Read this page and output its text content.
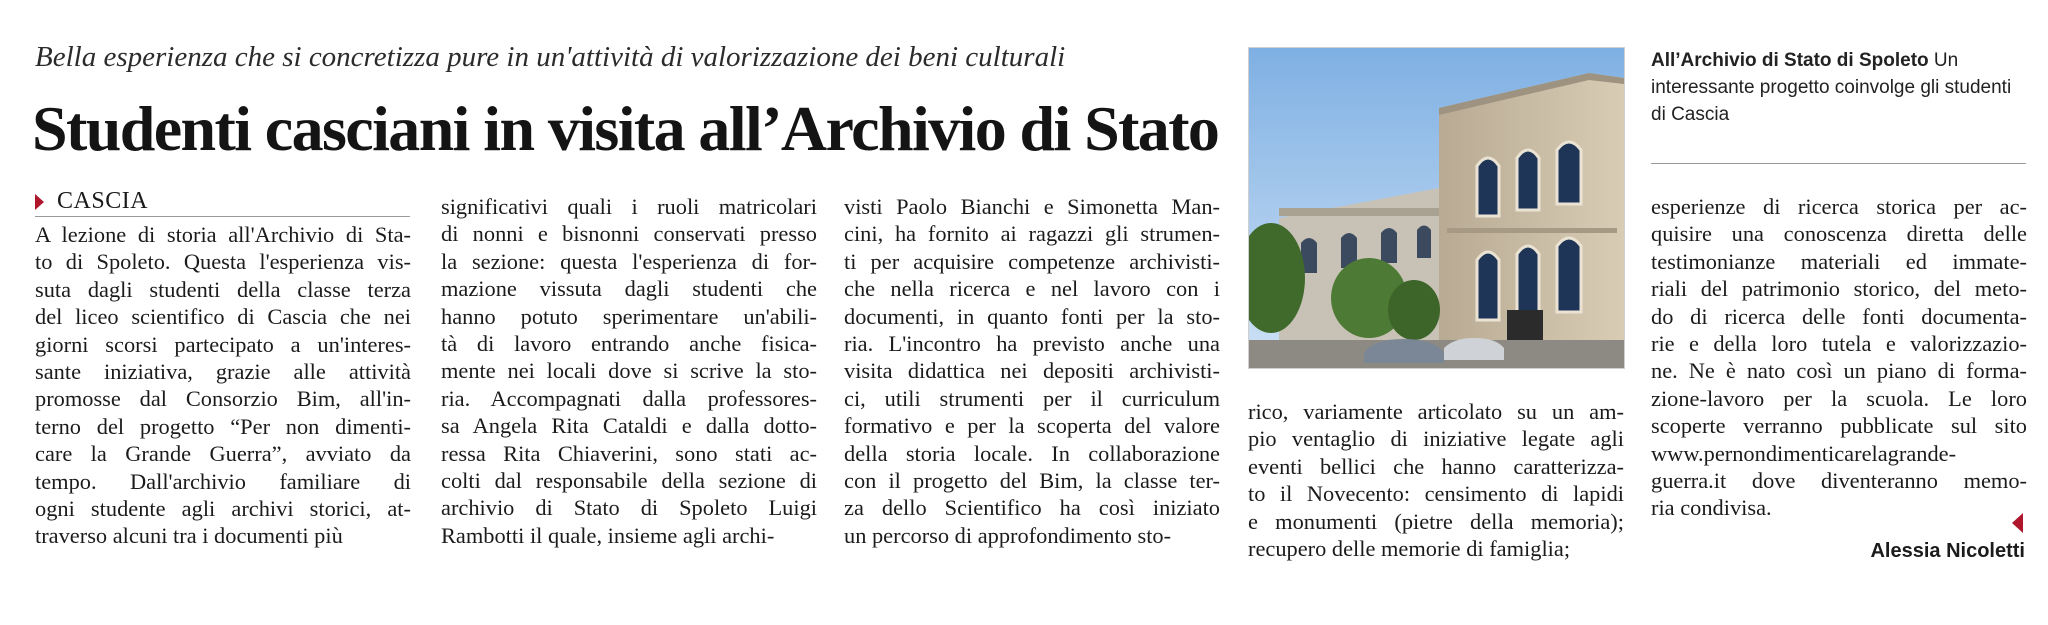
Bella esperienza che si concretizza pure in un'attività di valorizzazione dei beni culturali
Studenti casciani in visita all’Archivio di Stato
CASCIA
A lezione di storia all'Archivio di Sta-
to di Spoleto. Questa l'esperienza vis-
suta dagli studenti della classe terza
del liceo scientifico di Cascia che nei
giorni scorsi partecipato a un'interes-
sante iniziativa, grazie alle attività
promosse dal Consorzio Bim, all'in-
terno del progetto “Per non dimenti-
care la Grande Guerra”, avviato da
tempo. Dall'archivio familiare di
ogni studente agli archivi storici, at-
traverso alcuni tra i documenti più
significativi quali i ruoli matricolari
di nonni e bisnonni conservati presso
la sezione: questa l'esperienza di for-
mazione vissuta dagli studenti che
hanno potuto sperimentare un'abili-
tà di lavoro entrando anche fisica-
mente nei locali dove si scrive la sto-
ria. Accompagnati dalla professores-
sa Angela Rita Cataldi e dalla dotto-
ressa Rita Chiaverini, sono stati ac-
colti dal responsabile della sezione di
archivio di Stato di Spoleto Luigi
Rambotti il quale, insieme agli archi-
visti Paolo Bianchi e Simonetta Man-
cini, ha fornito ai ragazzi gli strumen-
ti per acquisire competenze archivisti-
che nella ricerca e nel lavoro con i
documenti, in quanto fonti per la sto-
ria. L'incontro ha previsto anche una
visita didattica nei depositi archivisti-
ci, utili strumenti per il curriculum
formativo e per la scoperta del valore
della storia locale. In collaborazione
con il progetto del Bim, la classe ter-
za dello Scientifico ha così iniziato
un percorso di approfondimento sto-
rico, variamente articolato su un am-
pio ventaglio di iniziative legate agli
eventi bellici che hanno caratterizza-
to il Novecento: censimento di lapidi
e monumenti (pietre della memoria);
recupero delle memorie di famiglia;
esperienze di ricerca storica per ac-
quisire una conoscenza diretta delle
testimonianze materiali ed immate-
riali del patrimonio storico, del meto-
do di ricerca delle fonti documenta-
rie e della loro tutela e valorizzazio-
ne. Ne è nato così un piano di forma-
zione-lavoro per la scuola. Le loro
scoperte verranno pubblicate sul sito
www.pernondimenticarelagrande-
guerra.it dove diventeranno memo-
ria condivisa.
All’Archivio di Stato di Spoleto Un interessante progetto coinvolge gli studenti di Cascia
Alessia Nicoletti
